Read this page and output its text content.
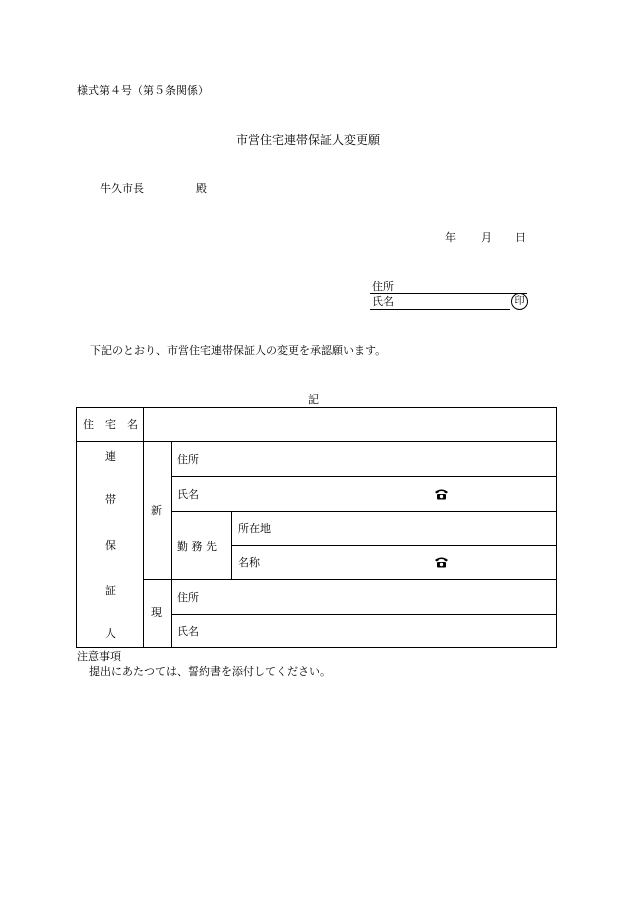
様式第４号（第５条関係）
市営住宅連帯保証人変更願
牛久市長	殿
年 月 日
住所
氏名	印
下記のとおり、市営住宅連帯保証人の変更を承認願います。
記
住　宅　名
連
帯
保
証
人
新
現
住所
氏名
勤 務 先
所在地
名称
住所
氏名
注意事項
提出にあたつては、誓約書を添付してください。
